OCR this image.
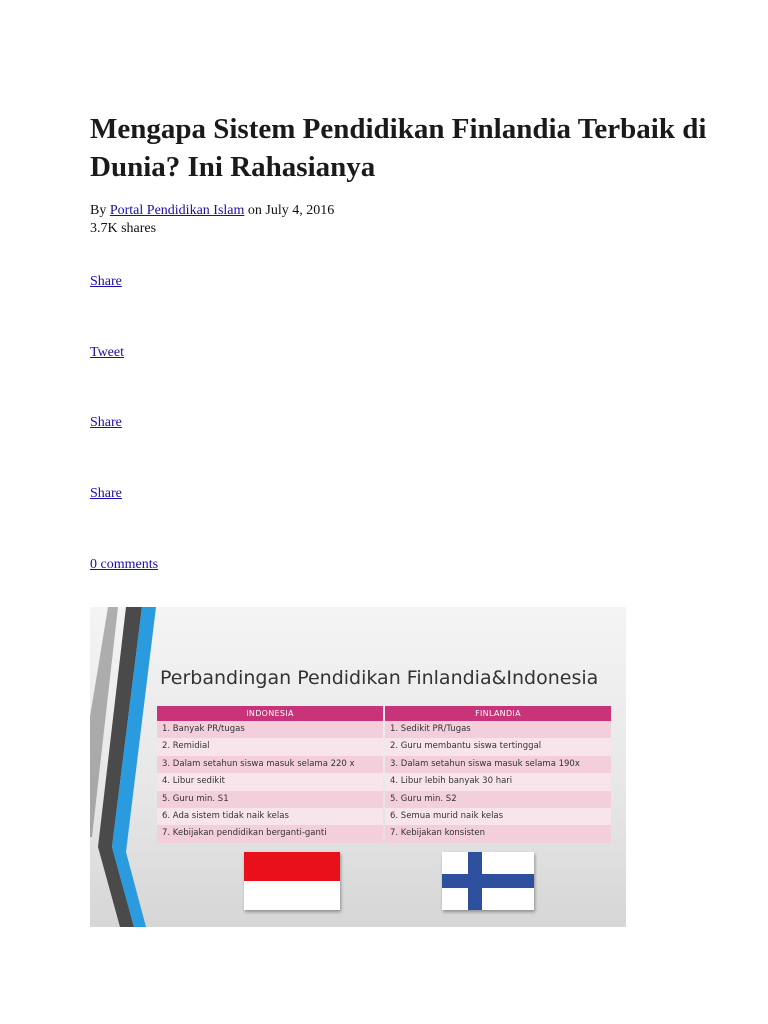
Mengapa Sistem Pendidikan Finlandia Terbaik di Dunia? Ini Rahasianya
By Portal Pendidikan Islam on July 4, 2016
3.7K shares
Share
Tweet
Share
Share
0 comments
Perbandingan Pendidikan Finlandia&Indonesia
INDONESIA	FINLANDIA
1. Banyak PR/tugas	1. Sedikit PR/Tugas
2. Remidial	2. Guru membantu siswa tertinggal
3. Dalam setahun siswa masuk selama 220 x	3. Dalam setahun siswa masuk selama 190x
4. Libur sedikit	4. Libur lebih banyak 30 hari
5. Guru min. S1	5. Guru min. S2
6. Ada sistem tidak naik kelas	6. Semua murid naik kelas
7. Kebijakan pendidikan berganti-ganti	7. Kebijakan konsisten
